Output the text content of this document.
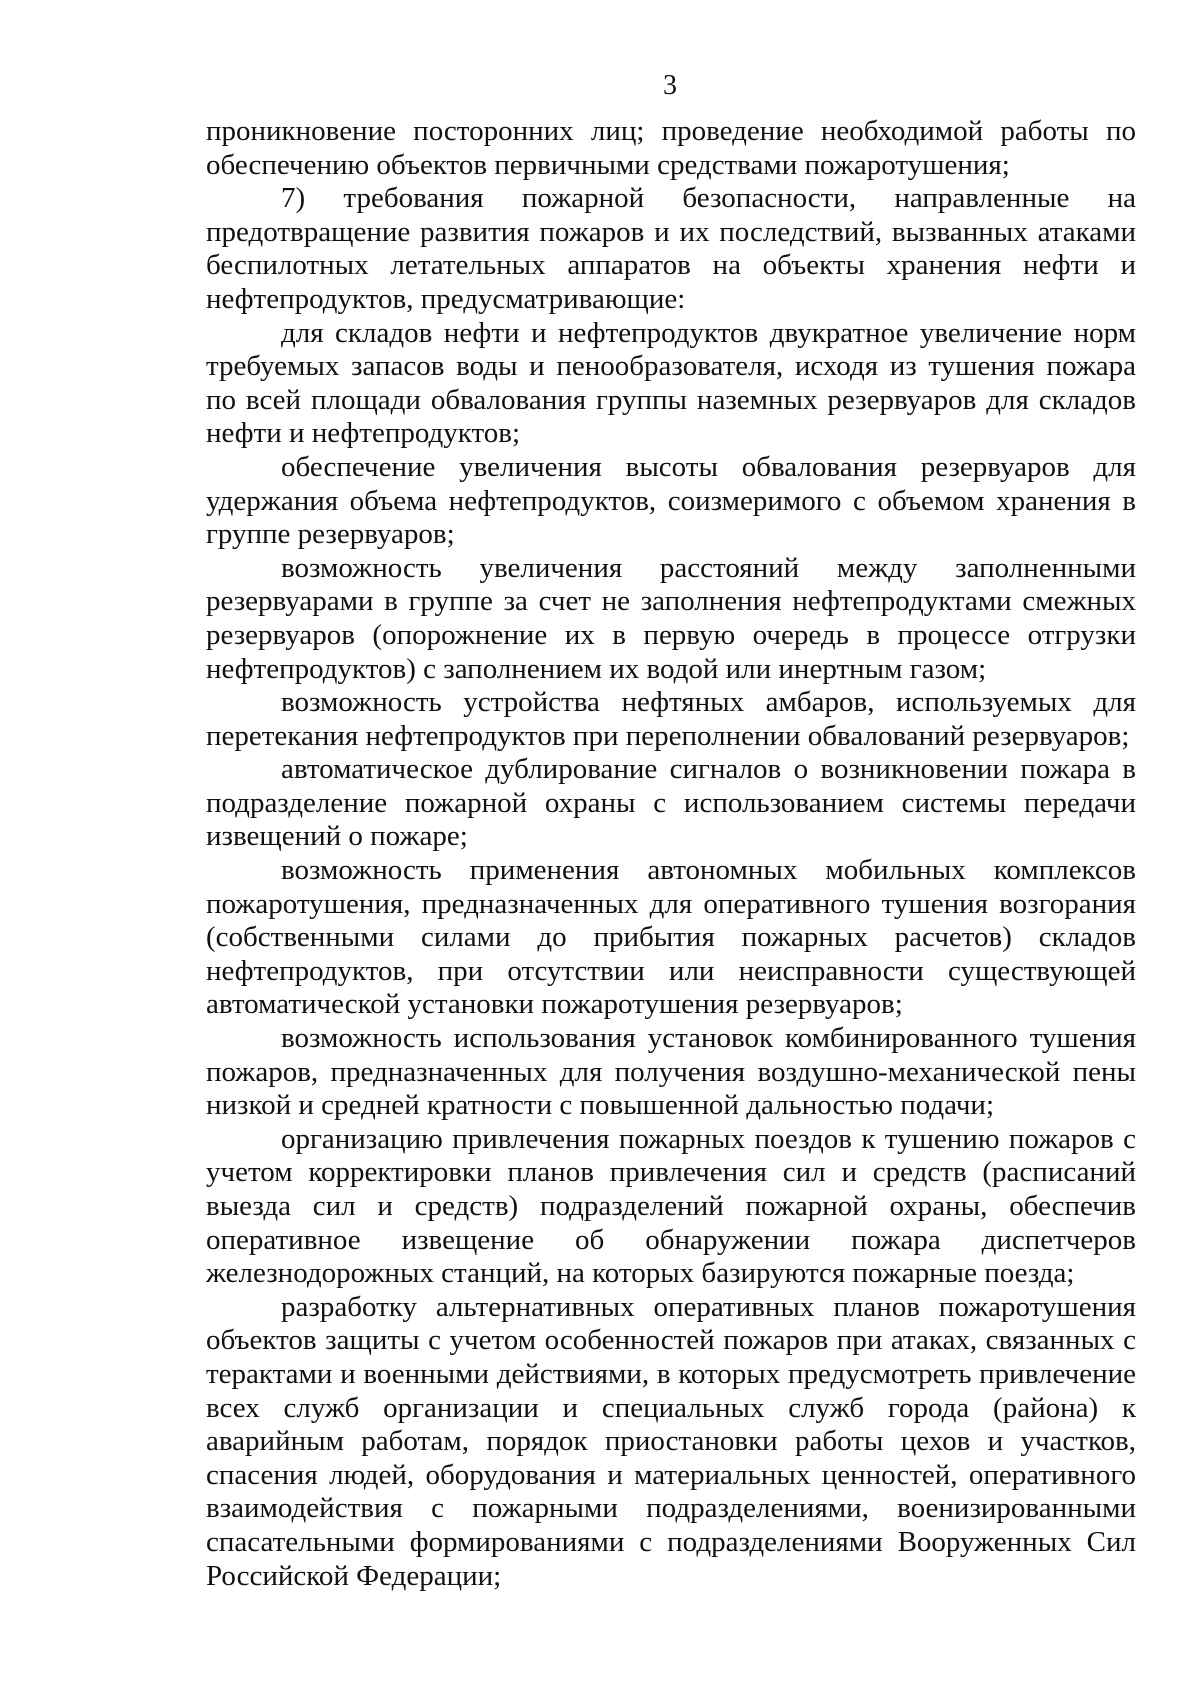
3

проникновение посторонних лиц; проведение необходимой работы по обеспечению объектов первичными средствами пожаротушения;

7) требования пожарной безопасности, направленные на предотвращение развития пожаров и их последствий, вызванных атаками беспилотных летательных аппаратов на объекты хранения нефти и нефтепродуктов, предусматривающие:

для складов нефти и нефтепродуктов двукратное увеличение норм требуемых запасов воды и пенообразователя, исходя из тушения пожара по всей площади обвалования группы наземных резервуаров для складов нефти и нефтепродуктов;

обеспечение увеличения высоты обвалования резервуаров для удержания объема нефтепродуктов, соизмеримого с объемом хранения в группе резервуаров;

возможность увеличения расстояний между заполненными резервуарами в группе за счет не заполнения нефтепродуктами смежных резервуаров (опорожнение их в первую очередь в процессе отгрузки нефтепродуктов) с заполнением их водой или инертным газом;

возможность устройства нефтяных амбаров, используемых для перетекания нефтепродуктов при переполнении обвалований резервуаров;

автоматическое дублирование сигналов о возникновении пожара в подразделение пожарной охраны с использованием системы передачи извещений о пожаре;

возможность применения автономных мобильных комплексов пожаротушения, предназначенных для оперативного тушения возгорания (собственными силами до прибытия пожарных расчетов) складов нефтепродуктов, при отсутствии или неисправности существующей автоматической установки пожаротушения резервуаров;

возможность использования установок комбинированного тушения пожаров, предназначенных для получения воздушно-механической пены низкой и средней кратности с повышенной дальностью подачи;

организацию привлечения пожарных поездов к тушению пожаров с учетом корректировки планов привлечения сил и средств (расписаний выезда сил и средств) подразделений пожарной охраны, обеспечив оперативное извещение об обнаружении пожара диспетчеров железнодорожных станций, на которых базируются пожарные поезда;

разработку альтернативных оперативных планов пожаротушения объектов защиты с учетом особенностей пожаров при атаках, связанных с терактами и военными действиями, в которых предусмотреть привлечение всех служб организации и специальных служб города (района) к аварийным работам, порядок приостановки работы цехов и участков, спасения людей, оборудования и материальных ценностей, оперативного взаимодействия с пожарными подразделениями, военизированными спасательными формированиями с подразделениями Вооруженных Сил Российской Федерации;
